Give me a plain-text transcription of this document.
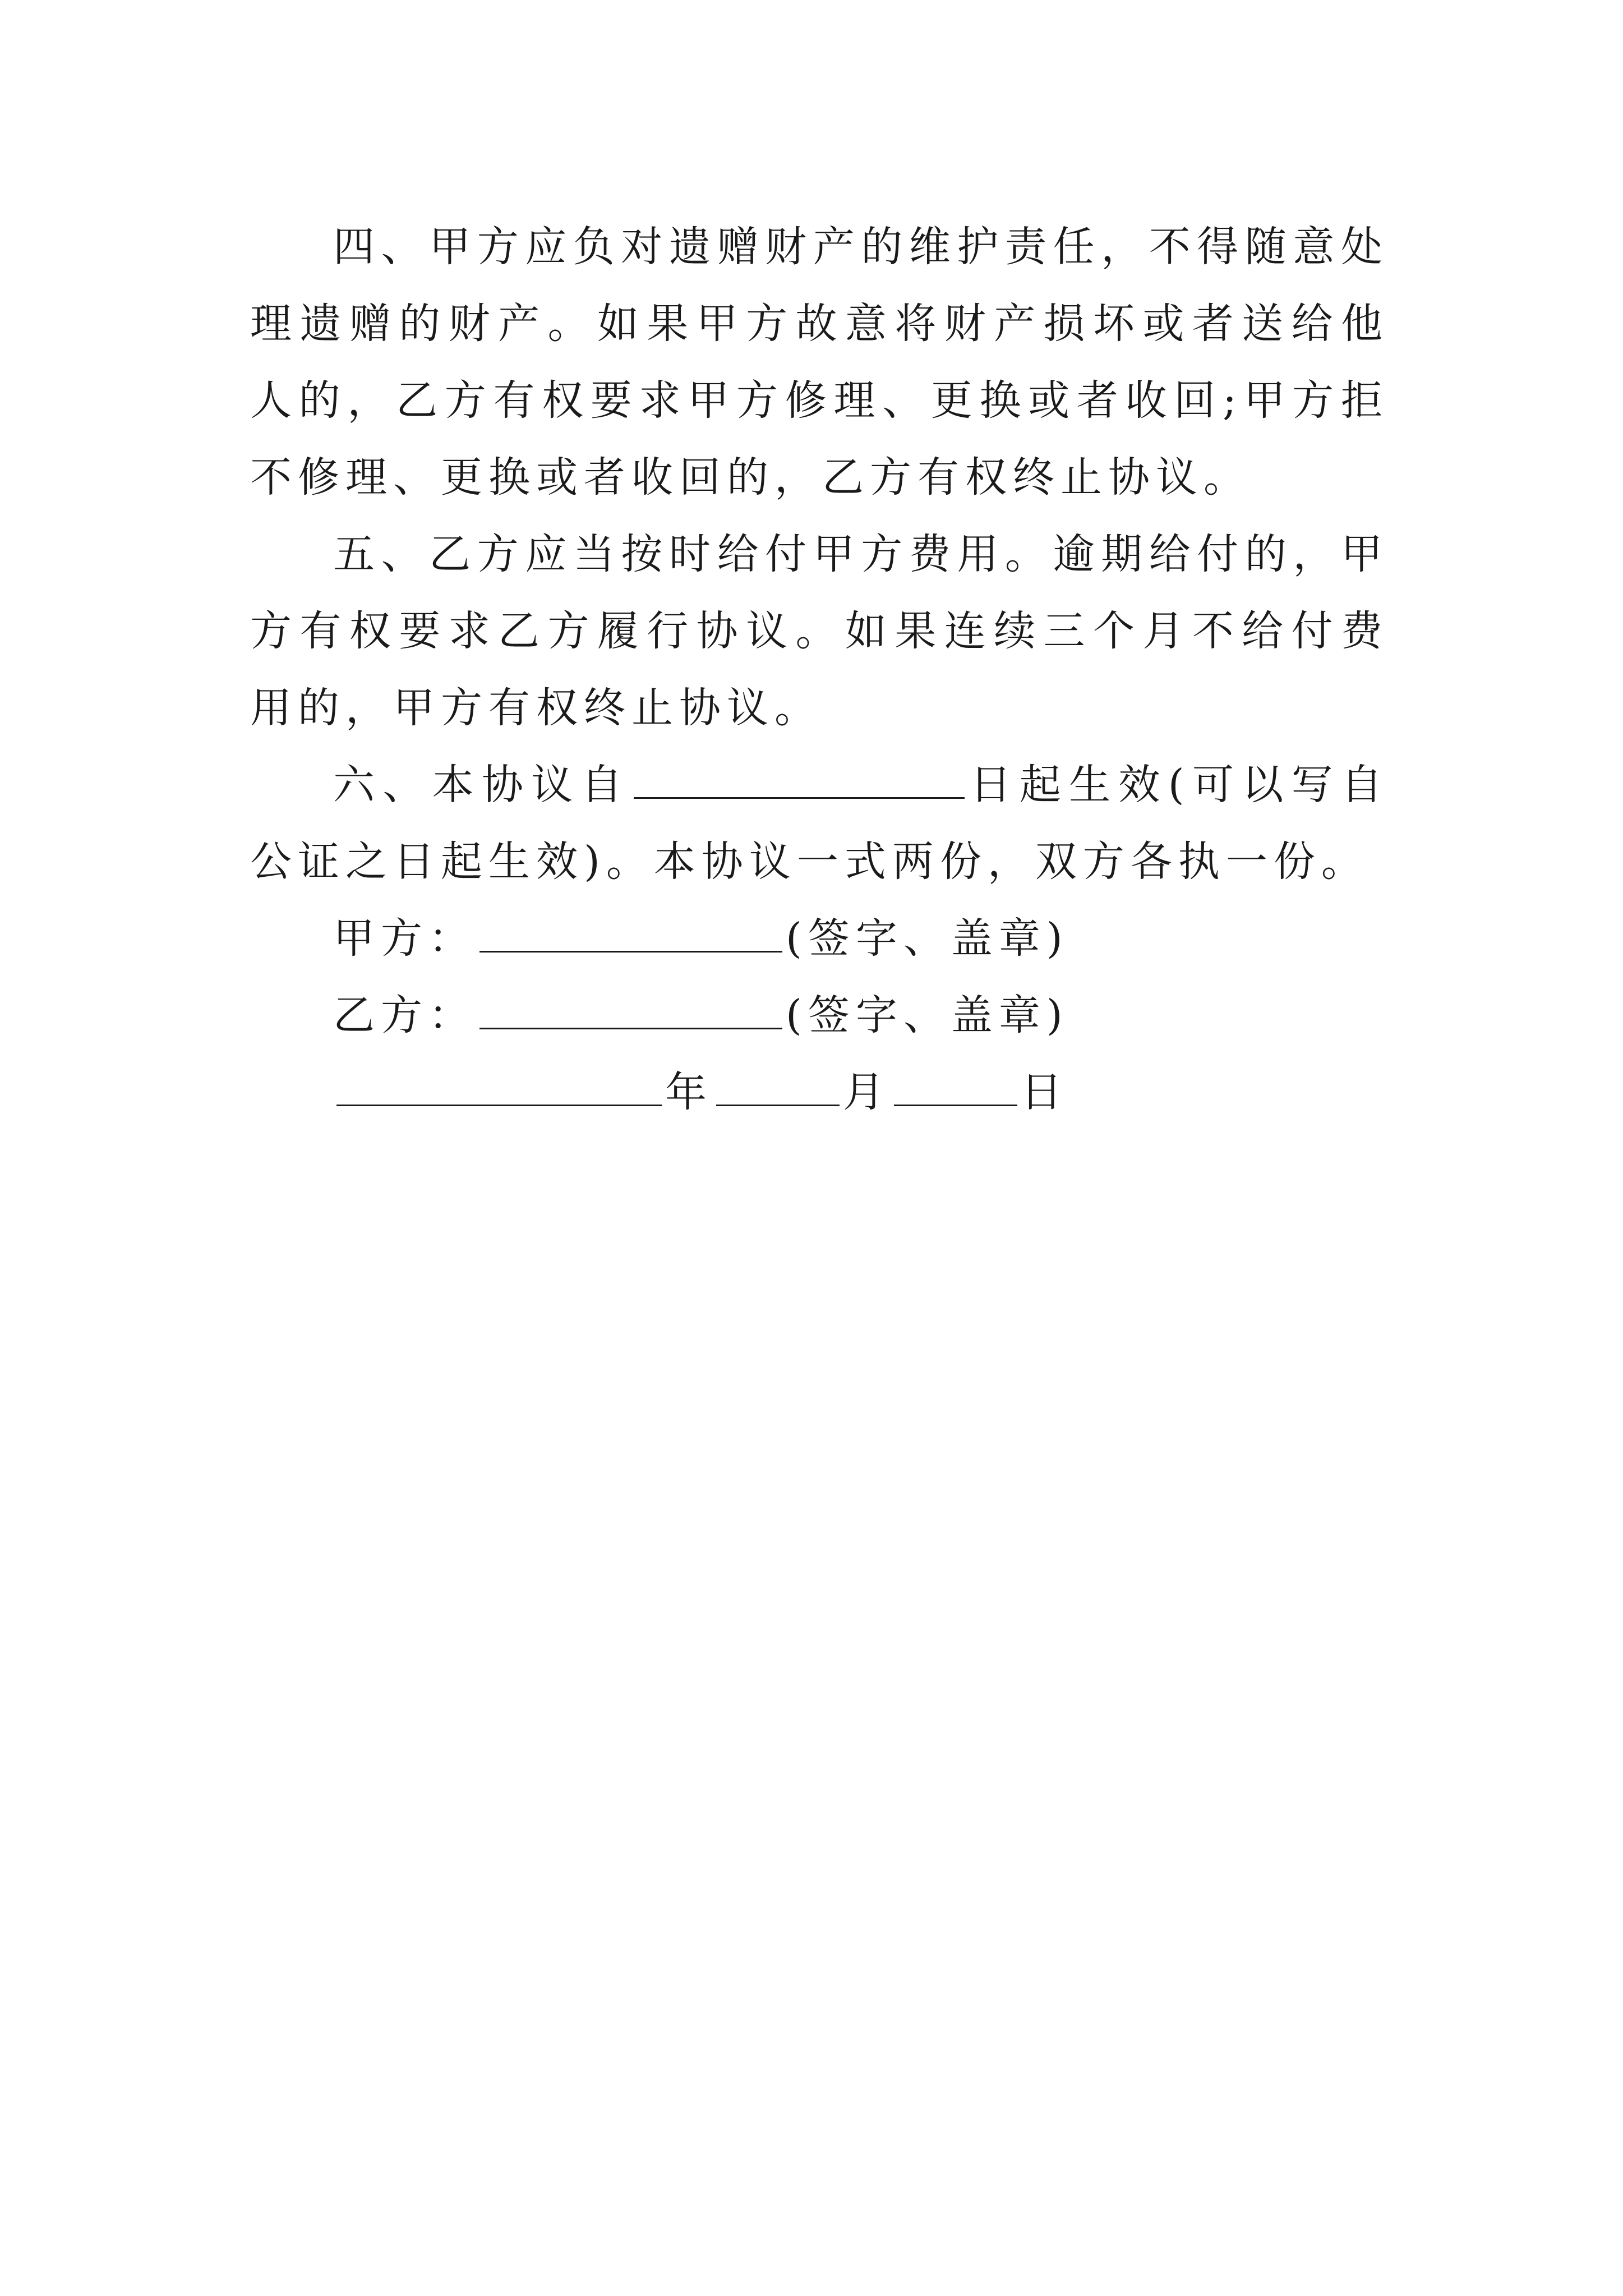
四、甲方应负对遗赠财产的维护责任，不得随意处理遗赠的财产。如果甲方故意将财产损坏或者送给他人的，乙方有权要求甲方修理、更换或者收回;甲方拒不修理、更换或者收回的，乙方有权终止协议。

五、乙方应当按时给付甲方费用。逾期给付的，甲方有权要求乙方履行协议。如果连续三个月不给付费用的，甲方有权终止协议。

六、本协议自	日起生效(可以写自公证之日起生效)。本协议一式两份，双方各执一份。

甲方：	(签字、盖章)

乙方：	(签字、盖章)

年	月	日
